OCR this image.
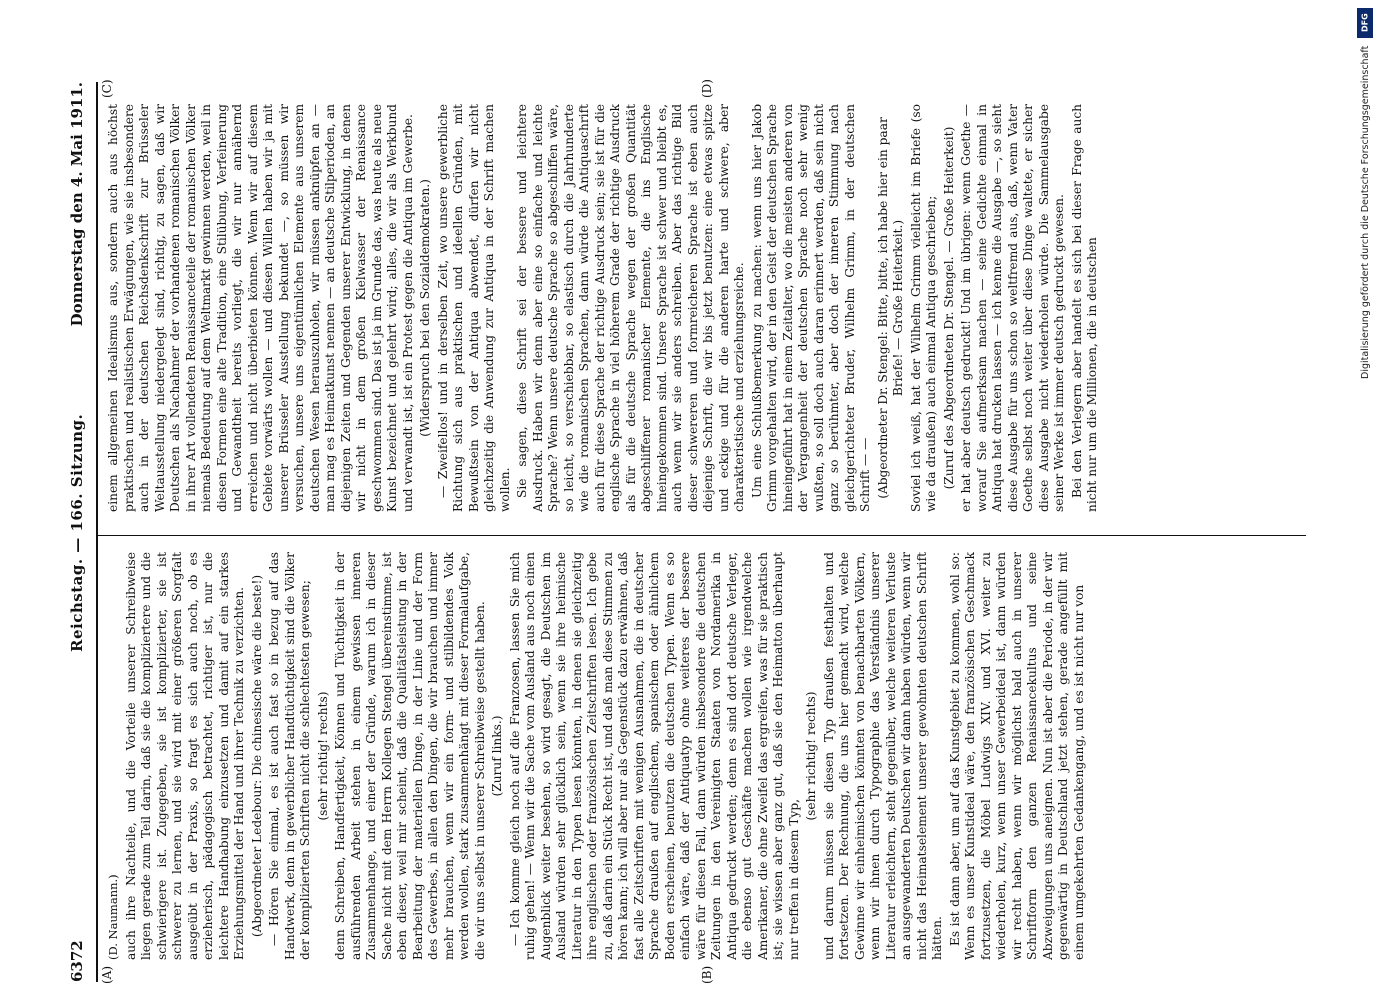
6372
Reichstag. — 166. Sitzung.
Donnerstag den 4. Mai 1911.
(A)	(B)
(C)	(D)

(D. Naumann.) auch ihre Nachteile, und die Vorteile unserer Schreibweise liegen gerade zum Teil darin, daß sie die kompliziertere und die schwierigere ist. Zugegeben, sie ist komplizierter, sie ist schwerer zu lernen, und sie wird mit einer größeren Sorgfalt ausgeübt in der Praxis, so fragt es sich auch noch, ob es erzieherisch, pädagogisch betrachtet, richtiger ist, nur die leichtere Handhabung einzusetzen und damit auf ein starkes Erziehungsmittel der Hand und ihrer Technik zu verzichten. (Abgeordneter Ledebour: Die chinesische wäre die beste!) — Hören Sie einmal, es ist auch fast so in bezug auf das Handwerk, denn in gewerblicher Handtüchtigkeit sind die Völker der komplizierten Schriften nicht die schlechtesten gewesen; (sehr richtig! rechts) denn Schreiben, Handfertigkeit, Können und Tüchtigkeit in der ausführenden Arbeit stehen in einem gewissen inneren Zusammenhange, und einer der Gründe, warum ich in dieser Sache nicht mit dem Herrn Kollegen Stengel übereinstimme, ist eben dieser, weil mir scheint, daß die Qualitätsleistung in der Bearbeitung der materiellen Dinge, in der Linie und der Form des Gewerbes, in allen den Dingen, die wir brauchen und immer mehr brauchen, wenn wir ein form- und stilbildendes Volk werden wollen, stark zusammenhängt mit dieser Formalaufgabe, die wir uns selbst in unserer Schreibweise gestellt haben. (Zuruf links.) — Ich komme gleich noch auf die Franzosen, lassen Sie mich ruhig gehen! — Wenn wir die Sache vom Ausland aus noch einen Augenblick weiter besehen, so wird gesagt, die Deutschen im Ausland würden sehr glücklich sein, wenn sie ihre heimische Literatur in den Typen lesen könnten, in denen sie gleichzeitig ihre englischen oder französischen Zeitschriften lesen. Ich gebe zu, daß darin ein Stück Recht ist, und daß man diese Stimmen zu hören kann; ich will aber nur als Gegenstück dazu erwähnen, daß fast alle Zeitschriften mit wenigen Ausnahmen, die in deutscher Sprache draußen auf englischem, spanischem oder ähnlichem Boden erscheinen, benutzen die deutschen Typen. Wenn es so einfach wäre, daß der Antiquatyp ohne weiteres der bessere wäre für diesen Fall, dann würden insbesondere die deutschen Zeitungen in den Vereinigten Staaten von Nordamerika in Antiqua gedruckt werden; denn es sind dort deutsche Verleger, die ebenso gut Geschäfte machen wollen wie irgendwelche Amerikaner, die ohne Zweifel das ergreifen, was für sie praktisch ist; sie wissen aber ganz gut, daß sie den Heimatton überhaupt nur treffen in diesem Typ,

(sehr richtig! rechts) und darum müssen sie diesen Typ draußen festhalten und fortsetzen. Der Rechnung, die uns hier gemacht wird, welche Gewinne wir einheimischen könnten von benachbarten Völkern, wenn wir ihnen durch Typographie das Verständnis unserer Literatur erleichtern, steht gegenüber, welche weiteren Verluste an ausgewanderten Deutschen wir dann haben würden, wenn wir nicht das Heimatselement unserer gewohnten deutschen Schrift hätten. Es ist dann aber, um auf das Kunstgebiet zu kommen, wohl so: Wenn es unser Kunstideal wäre, den französischen Geschmack fortzusetzen, die Möbel Ludwigs XIV. und XVI. weiter zu wiederholen, kurz, wenn unser Gewerbeideal ist, dann würden wir recht haben, wenn wir möglichst bald auch in unserer Schriftform den ganzen Renaissancekultus und seine Abzweigungen uns aneignen. Nun ist aber die Periode, in der wir gegenwärtig in Deutschland jetzt stehen, gerade angefüllt mit einem umgekehrten Gedankengang, und es ist nicht nur von

einem allgemeinen Idealismus aus, sondern auch aus höchst praktischen und realistischen Erwägungen, wie sie insbesondere auch in der deutschen Reichsdenkschrift zur Brüsseler Weltausstellung niedergelegt sind, richtig, zu sagen, daß wir Deutschen als Nachahmer der vorhandenen romanischen Völker in ihrer Art vollendeten Renaissanceteile der romanischen Völker niemals Bedeutung auf dem Weltmarkt gewinnen werden, weil in diesen Formen eine alte Tradition, eine Stilübung, Verfeinerung und Gewandtheit bereits vorliegt, die wir nur annähernd erreichen und nicht überbieten können. Wenn wir auf diesem Gebiete vorwärts wollen — und diesen Willen haben wir ja mit unserer Brüsseler Ausstellung bekundet —, so müssen wir versuchen, unsere uns eigentümlichen Elemente aus unserem deutschen Wesen herauszuholen, wir müssen anknüpfen an — man mag es Heimatkunst nennen — an deutsche Stilperioden, an diejenigen Zeiten und Gegenden unserer Entwicklung, in denen wir nicht in dem großen Kielwasser der Renaissance geschwommen sind. Das ist ja im Grunde das, was heute als neue Kunst bezeichnet und gelehrt wird; alles, die wir als Werkbund und verwandt ist, ist ein Protest gegen die Antiqua im Gewerbe. (Widerspruch bei den Sozialdemokraten.) — Zweifellos! und in derselben Zeit, wo unsere gewerbliche Richtung sich aus praktischen und ideellen Gründen, mit Bewußtsein von der Antiqua abwendet, dürfen wir nicht gleichzeitig die Anwendung zur Antiqua in der Schrift machen wollen. Sie sagen, diese Schrift sei der bessere und leichtere Ausdruck. Haben wir denn aber eine so einfache und leichte Sprache? Wenn unsere deutsche Sprache so abgeschliffen wäre, so leicht, so verschiebbar, so elastisch durch die Jahrhunderte wie die romanischen Sprachen, dann würde die Antiquaschrift auch für diese Sprache der richtige Ausdruck sein; sie ist für die englische Sprache in viel höherem Grade der richtige Ausdruck als für die deutsche Sprache wegen der großen Quantität abgeschliffener romanischer Elemente, die ins Englische hineingekommen sind. Unsere Sprache ist schwer und bleibt es, auch wenn wir sie anders schreiben. Aber das richtige Bild dieser schwereren und formreicheren Sprache ist eben auch diejenige Schrift, die wir bis jetzt benutzen: eine etwas spitze und eckige und für die anderen harte und schwere, aber charakteristische und erziehungsreiche. Um eine Schlußbemerkung zu machen: wenn uns hier Jakob Grimm vorgehalten wird, der in den Geist der deutschen Sprache hineingeführt hat in einem Zeitalter, wo die meisten anderen von der Vergangenheit der deutschen Sprache noch sehr wenig wußten, so soll doch auch daran erinnert werden, daß sein nicht ganz so berühmter, aber doch der inneren Stimmung nach gleichgerichteter Bruder, Wilhelm Grimm, in der deutschen Schrift — — (Abgeordneter Dr. Stengel: Bitte, bitte, ich habe hier ein paar Briefe! — Große Heiterkeit.) Soviel ich weiß, hat der Wilhelm Grimm vielleicht im Briefe (so wie da draußen) auch einmal Antiqua geschrieben; (Zuruf des Abgeordneten Dr. Stengel. — Große Heiterkeit) er hat aber deutsch gedruckt! Und im übrigen: wenn Goethe — worauf Sie aufmerksam machen — seine Gedichte einmal in Antiqua hat drucken lassen — ich kenne die Ausgabe —, so sieht diese Ausgabe für uns schon so weltfremd aus, daß, wenn Vater Goethe selbst noch weiter über diese Dinge waltete, er sicher diese Ausgabe nicht wiederholen würde. Die Sammelausgabe seiner Werke ist immer deutsch gedruckt gewesen. Bei den Verlegern aber handelt es sich bei dieser Frage auch nicht nur um die Millionen, die in deutschen

DFG
Digitalisierung gefördert durch die Deutsche Forschungsgemeinschaft
